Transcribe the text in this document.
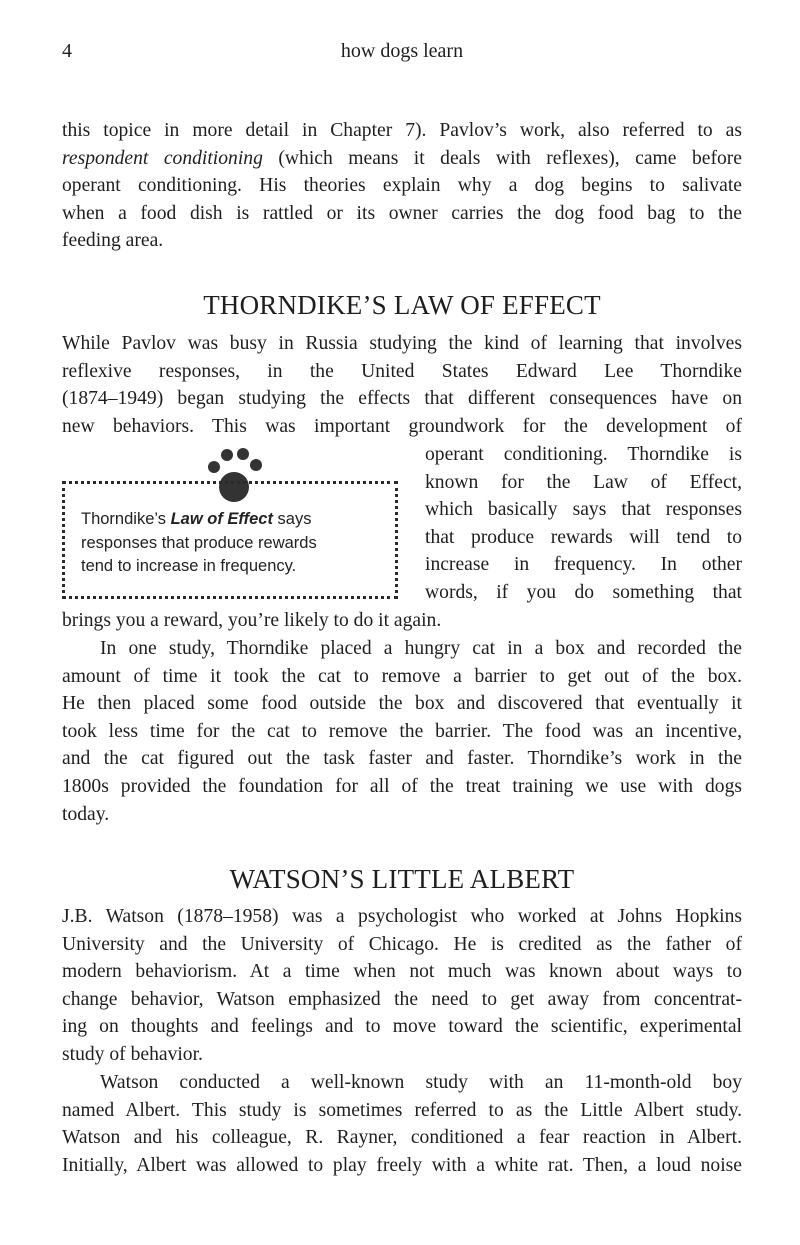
4	how dogs learn
this topice in more detail in Chapter 7). Pavlov’s work, also referred to as
respondent conditioning (which means it deals with reflexes), came before
operant conditioning. His theories explain why a dog begins to salivate
when a food dish is rattled or its owner carries the dog food bag to the
feeding area.
THORNDIKE’S LAW OF EFFECT
While Pavlov was busy in Russia studying the kind of learning that involves
reflexive responses, in the United States Edward Lee Thorndike
(1874–1949) began studying the effects that different consequences have on
new behaviors. This was important groundwork for the development of

Thorndike’s Law of Effect says
responses that produce rewards
tend to increase in frequency.

operant conditioning. Thorndike is
known for the Law of Effect,
which basically says that responses
that produce rewards will tend to
increase in frequency. In other
words, if you do something that
brings you a reward, you’re likely to do it again.
In one study, Thorndike placed a hungry cat in a box and recorded the
amount of time it took the cat to remove a barrier to get out of the box.
He then placed some food outside the box and discovered that eventually it
took less time for the cat to remove the barrier. The food was an incentive,
and the cat figured out the task faster and faster. Thorndike’s work in the
1800s provided the foundation for all of the treat training we use with dogs
today.
WATSON’S LITTLE ALBERT
J.B. Watson (1878–1958) was a psychologist who worked at Johns Hopkins
University and the University of Chicago. He is credited as the father of
modern behaviorism. At a time when not much was known about ways to
change behavior, Watson emphasized the need to get away from concentrat-
ing on thoughts and feelings and to move toward the scientific, experimental
study of behavior.
Watson conducted a well-known study with an 11-month-old boy
named Albert. This study is sometimes referred to as the Little Albert study.
Watson and his colleague, R. Rayner, conditioned a fear reaction in Albert.
Initially, Albert was allowed to play freely with a white rat. Then, a loud noise
